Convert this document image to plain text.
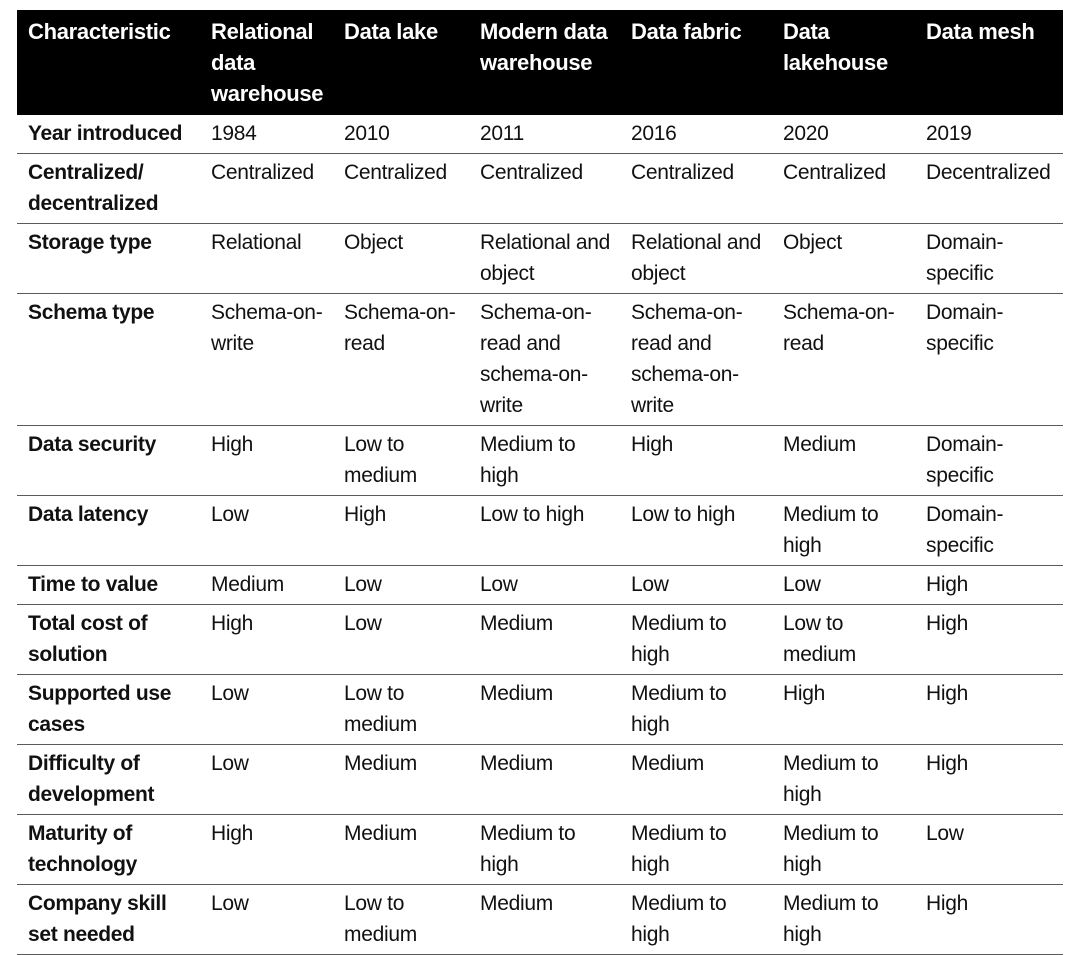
Characteristic	Relational data warehouse	Data lake	Modern data warehouse	Data fabric	Data lakehouse	Data mesh
Year introduced	1984	2010	2011	2016	2020	2019
Centralized/ decentralized	Centralized	Centralized	Centralized	Centralized	Centralized	Decentralized
Storage type	Relational	Object	Relational and object	Relational and object	Object	Domain-specific
Schema type	Schema-on-write	Schema-on-read	Schema-on-read and schema-on-write	Schema-on-read and schema-on-write	Schema-on-read	Domain-specific
Data security	High	Low to medium	Medium to high	High	Medium	Domain-specific
Data latency	Low	High	Low to high	Low to high	Medium to high	Domain-specific
Time to value	Medium	Low	Low	Low	Low	High
Total cost of solution	High	Low	Medium	Medium to high	Low to medium	High
Supported use cases	Low	Low to medium	Medium	Medium to high	High	High
Difficulty of development	Low	Medium	Medium	Medium	Medium to high	High
Maturity of technology	High	Medium	Medium to high	Medium to high	Medium to high	Low
Company skill set needed	Low	Low to medium	Medium	Medium to high	Medium to high	High
